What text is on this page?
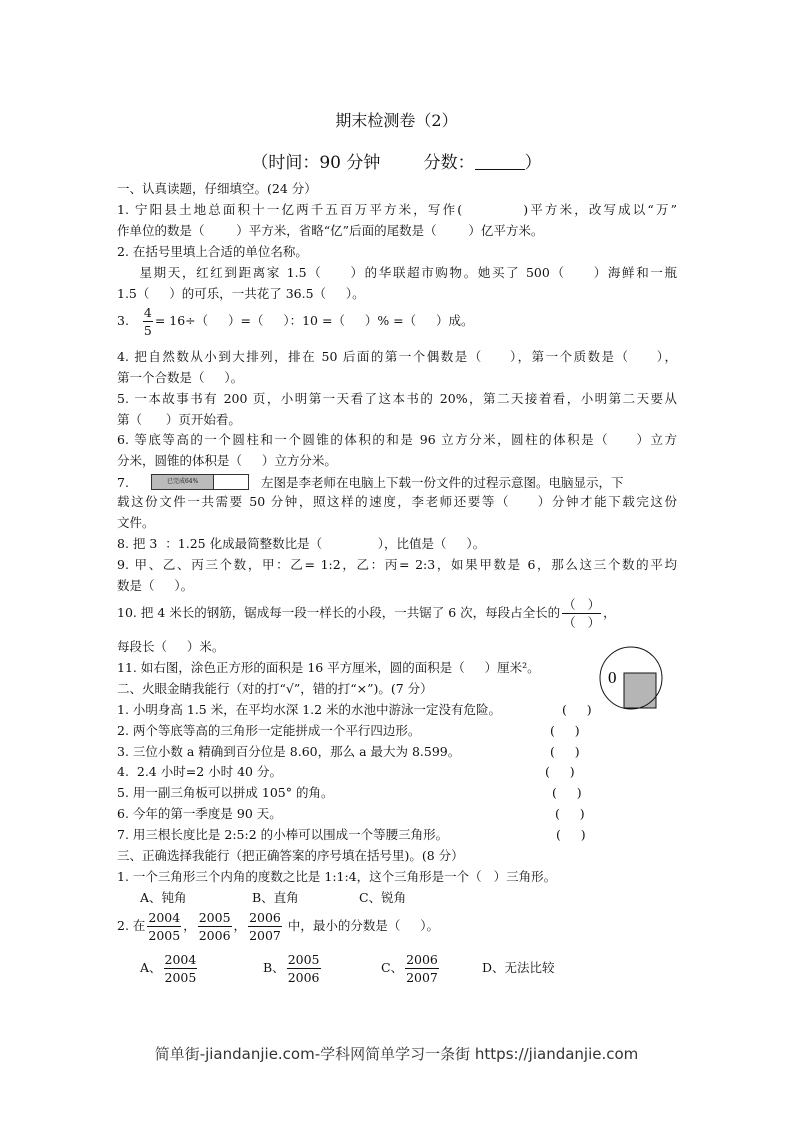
期末检测卷（2）
（时间：90 分钟	分数：	）
一、认真读题，仔细填空。(24 分）
1. 宁阳县土地总面积十一亿两千五百万平方米，写作(          )平方米，改写成以“万”
作单位的数是（        ）平方米，省略“亿”后面的尾数是（        ）亿平方米。
2. 在括号里填上合适的单位名称。
星期天，红红到距离家 1.5（     ）的华联超市购物。她买了 500（     ）海鲜和一瓶
1.5（     ）的可乐，一共花了 36.5（     ）。
3. $\frac{4}{5} = 16\div$（     ）=（     ）：10 =（     ）% =（     ）成。
4. 把自然数从小到大排列，排在 50 后面的第一个偶数是（     ），第一个质数是（     ），
第一个合数是（     ）。
5. 一本故事书有 200 页，小明第一天看了这本书的 20%，第二天接着看，小明第二天要从
第（      ）页开始看。
6. 等底等高的一个圆柱和一个圆锥的体积的和是 96 立方分米，圆柱的体积是（     ）立方
分米，圆锥的体积是（     ）立方分米。
7.	已完成64%	左图是李老师在电脑上下载一份文件的过程示意图。电脑显示，下
载这份文件一共需要 50 分钟，照这样的速度，李老师还要等（     ）分钟才能下载完这份
文件。
8. 把 3  ：1.25 化成最简整数比是（              ），比值是（     ）。
9. 甲、乙、丙三个数，甲：乙= 1:2，乙：丙= 2:3，如果甲数是 6，那么这三个数的平均
数是（     ）。
10. 把 4 米长的钢筋，锯成每一段一样长的小段，一共锯了 6 次，每段占全长的 $\frac{( )}{( )}$ ，
每段长（     ）米。
11. 如右图，涂色正方形的面积是 16 平方厘米，圆的面积是（     ）厘米²。
0
二、火眼金睛我能行（对的打“√”，错的打“×”)。(7 分）
1. 小明身高 1.5 米，在平均水深 1.2 米的水池中游泳一定没有危险。	(     )
2. 两个等底等高的三角形一定能拼成一个平行四边形。	(     )
3. 三位小数 a 精确到百分位是 8.60，那么 a 最大为 8.599。	(     )
4.  2.4 小时=2 小时 40 分。	(     )
5. 用一副三角板可以拼成 105° 的角。	(     )
6. 今年的第一季度是 90 天。	(     )
7. 用三根长度比是 2:5:2 的小棒可以围成一个等腰三角形。	(     )
三、正确选择我能行（把正确答案的序号填在括号里)。(8 分）
1. 一个三角形三个内角的度数之比是 1:1:4，这个三角形是一个（   ）三角形。
A、钝角	B、直角	C、锐角
2. 在 $\frac{2004}{2005}$ ， $\frac{2005}{2006}$ ， $\frac{2006}{2007}$ 中，最小的分数是（     ）。
A、 $\frac{2004}{2005}$	B、 $\frac{2005}{2006}$	C、 $\frac{2006}{2007}$	D、无法比较
简单街-jiandanjie.com-学科网简单学习一条街 https://jiandanjie.com
